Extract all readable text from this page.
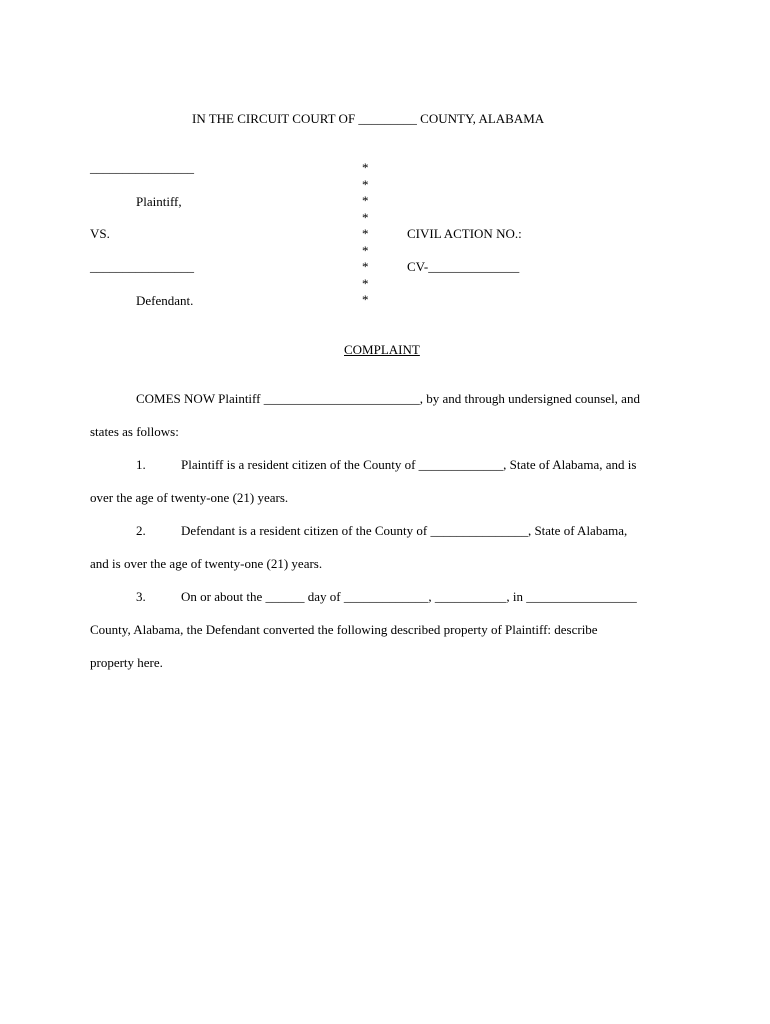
IN THE CIRCUIT COURT OF _________ COUNTY, ALABAMA
________________
Plaintiff,
VS.
________________
Defendant.
*
*
*
*
*
*
*
*
*
CIVIL ACTION NO.:
CV-______________
COMPLAINT
COMES NOW Plaintiff ________________________, by and through undersigned counsel, and
states as follows:
1.	Plaintiff is a resident citizen of the County of _____________, State of Alabama, and is
over the age of twenty-one (21) years.
2.	Defendant is a resident citizen of the County of _______________, State of Alabama,
and is over the age of twenty-one (21) years.
3.	On or about the ______ day of _____________, ___________, in _________________
County, Alabama, the Defendant converted the following described property of Plaintiff: describe
property here.
